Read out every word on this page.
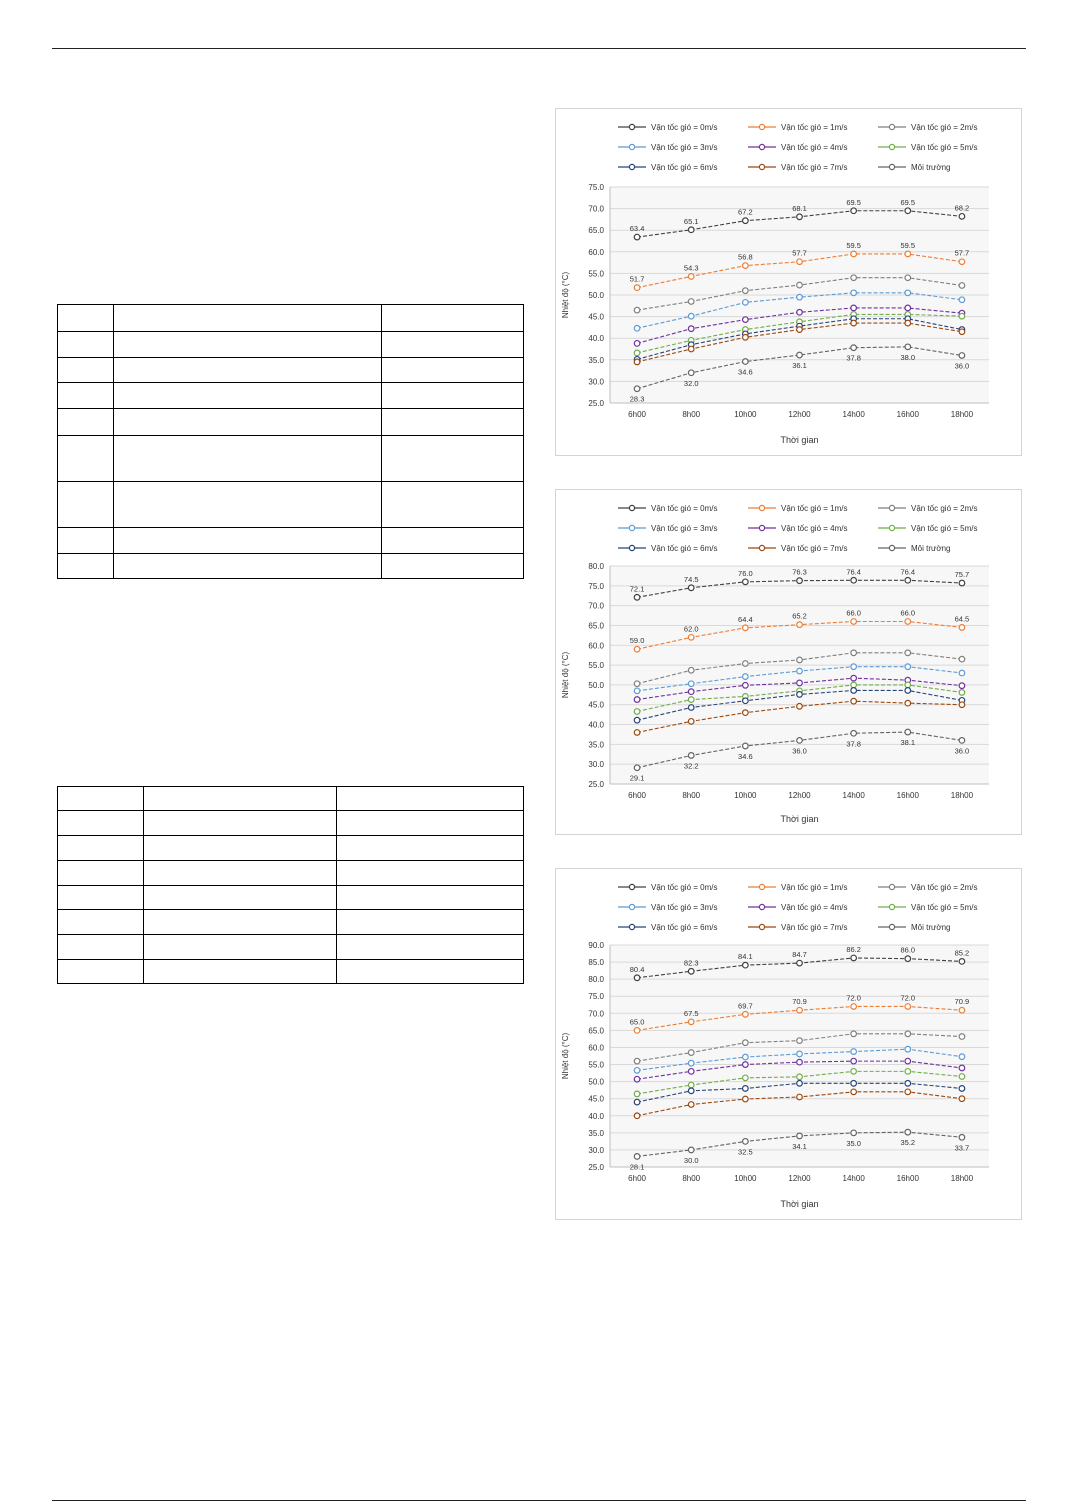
25.0
30.0
35.0
40.0
45.0
50.0
55.0
60.0
65.0
70.0
75.0
6h00	8h00	10h00	12h00	14h00	16h00	18h00
Thời gian
Nhiệt độ (°C)
Vận tốc gió = 0m/s	Vận tốc gió = 1m/s	Vận tốc gió = 2m/s
Vận tốc gió = 3m/s	Vận tốc gió = 4m/s	Vận tốc gió = 5m/s
Vận tốc gió = 6m/s	Vận tốc gió = 7m/s	Môi trường
63.4
65.1
67.2	68.1
69.5	69.5
68.2
51.7
54.3
56.8	57.7
59.5	59.5
57.7
28.3
32.0
34.6
36.1
37.8	38.0
36.0
25.0
30.0
35.0
40.0
45.0
50.0
55.0
60.0
65.0
70.0
75.0
80.0
6h00	8h00	10h00	12h00	14h00	16h00	18h00
Thời gian
Nhiệt độ (°C)
Vận tốc gió = 0m/s	Vận tốc gió = 1m/s	Vận tốc gió = 2m/s
Vận tốc gió = 3m/s	Vận tốc gió = 4m/s	Vận tốc gió = 5m/s
Vận tốc gió = 6m/s	Vận tốc gió = 7m/s	Môi trường
72.1
74.5
76.0	76.3	76.4	76.4	75.7
59.0
62.0
64.4	65.2	66.0	66.0
64.5
29.1
32.2
34.6
36.0
37.8	38.1
36.0
25.0
30.0
35.0
40.0
45.0
50.0
55.0
60.0
65.0
70.0
75.0
80.0
85.0
90.0
6h00	8h00	10h00	12h00	14h00	16h00	18h00
Thời gian
Nhiệt độ (°C)
Vận tốc gió = 0m/s	Vận tốc gió = 1m/s	Vận tốc gió = 2m/s
Vận tốc gió = 3m/s	Vận tốc gió = 4m/s	Vận tốc gió = 5m/s
Vận tốc gió = 6m/s	Vận tốc gió = 7m/s	Môi trường
80.4
82.3
84.1	84.7
86.2	86.0	85.2
65.0
67.5
69.7	70.9	72.0	72.0	70.9
28.1
30.0
32.5
34.1	35.0	35.2
33.7
